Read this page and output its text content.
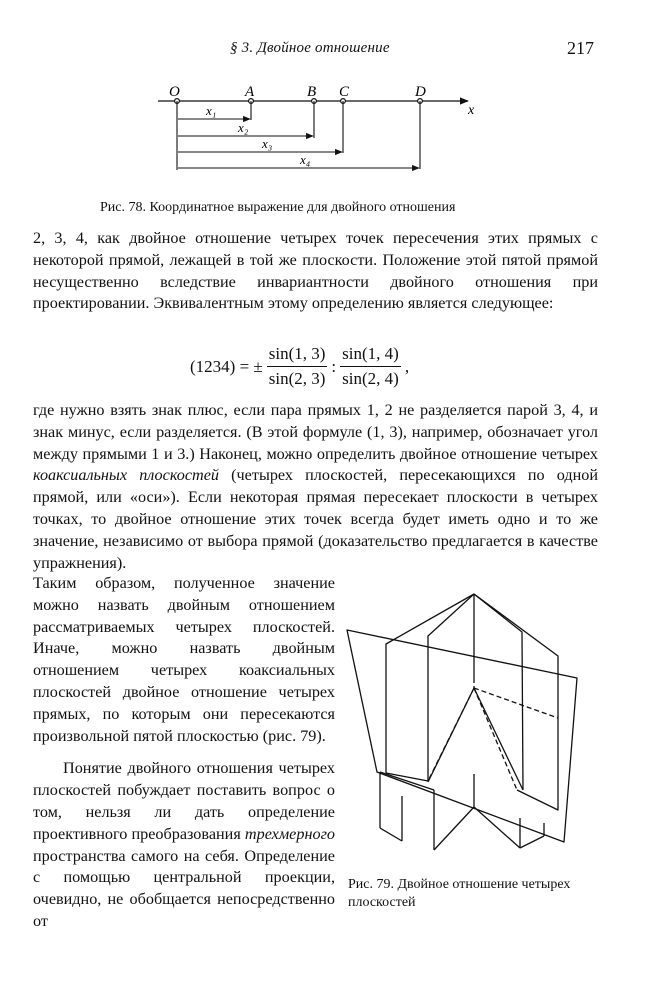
§ 3. Двойное отношение	217
O	A	B C	D
x
x₁
x₂
x₃
x₄
Рис. 78. Координатное выражение для двойного отношения
2, 3, 4, как двойное отношение четырех точек пересечения этих прямых с некоторой прямой, лежащей в той же плоскости. Положение этой пятой прямой несущественно вследствие инвариантности двойного отношения при проектировании. Эквивалентным этому определению является следующее:
(1234) = ± $\frac{\sin(1, 3)}{\sin(2, 3)}$ : $\frac{\sin(1, 4)}{\sin(2, 4)}$ ,
где нужно взять знак плюс, если пара прямых 1, 2 не разделяется парой 3, 4, и знак минус, если разделяется. (В этой формуле (1, 3), например, обозначает угол между прямыми 1 и 3.) Наконец, можно определить двойное отношение четырех коаксиальных плоскостей (четырех плоскостей, пересекающихся по одной прямой, или «оси»). Если некоторая прямая пересекает плоскости в четырех точках, то двойное отношение этих точек всегда будет иметь одно и то же значение, независимо от выбора прямой (доказательство предлагается в качестве упражнения).

Таким образом, полученное значение можно назвать двойным отношением рассматриваемых четырех плоскостей. Иначе, можно назвать двойным отношением четырех коаксиальных плоскостей двойное отношение четырех прямых, по которым они пересекаются произвольной пятой плоскостью (рис. 79).

Понятие двойного отношения четырех плоскостей побуждает поставить вопрос о том, нельзя ли дать определение проективного преобразования трехмерного пространства самого на себя. Определение с помощью центральной проекции, очевидно, не обобщается непосредственно от

Рис. 79. Двойное отношение четырех плоскостей
